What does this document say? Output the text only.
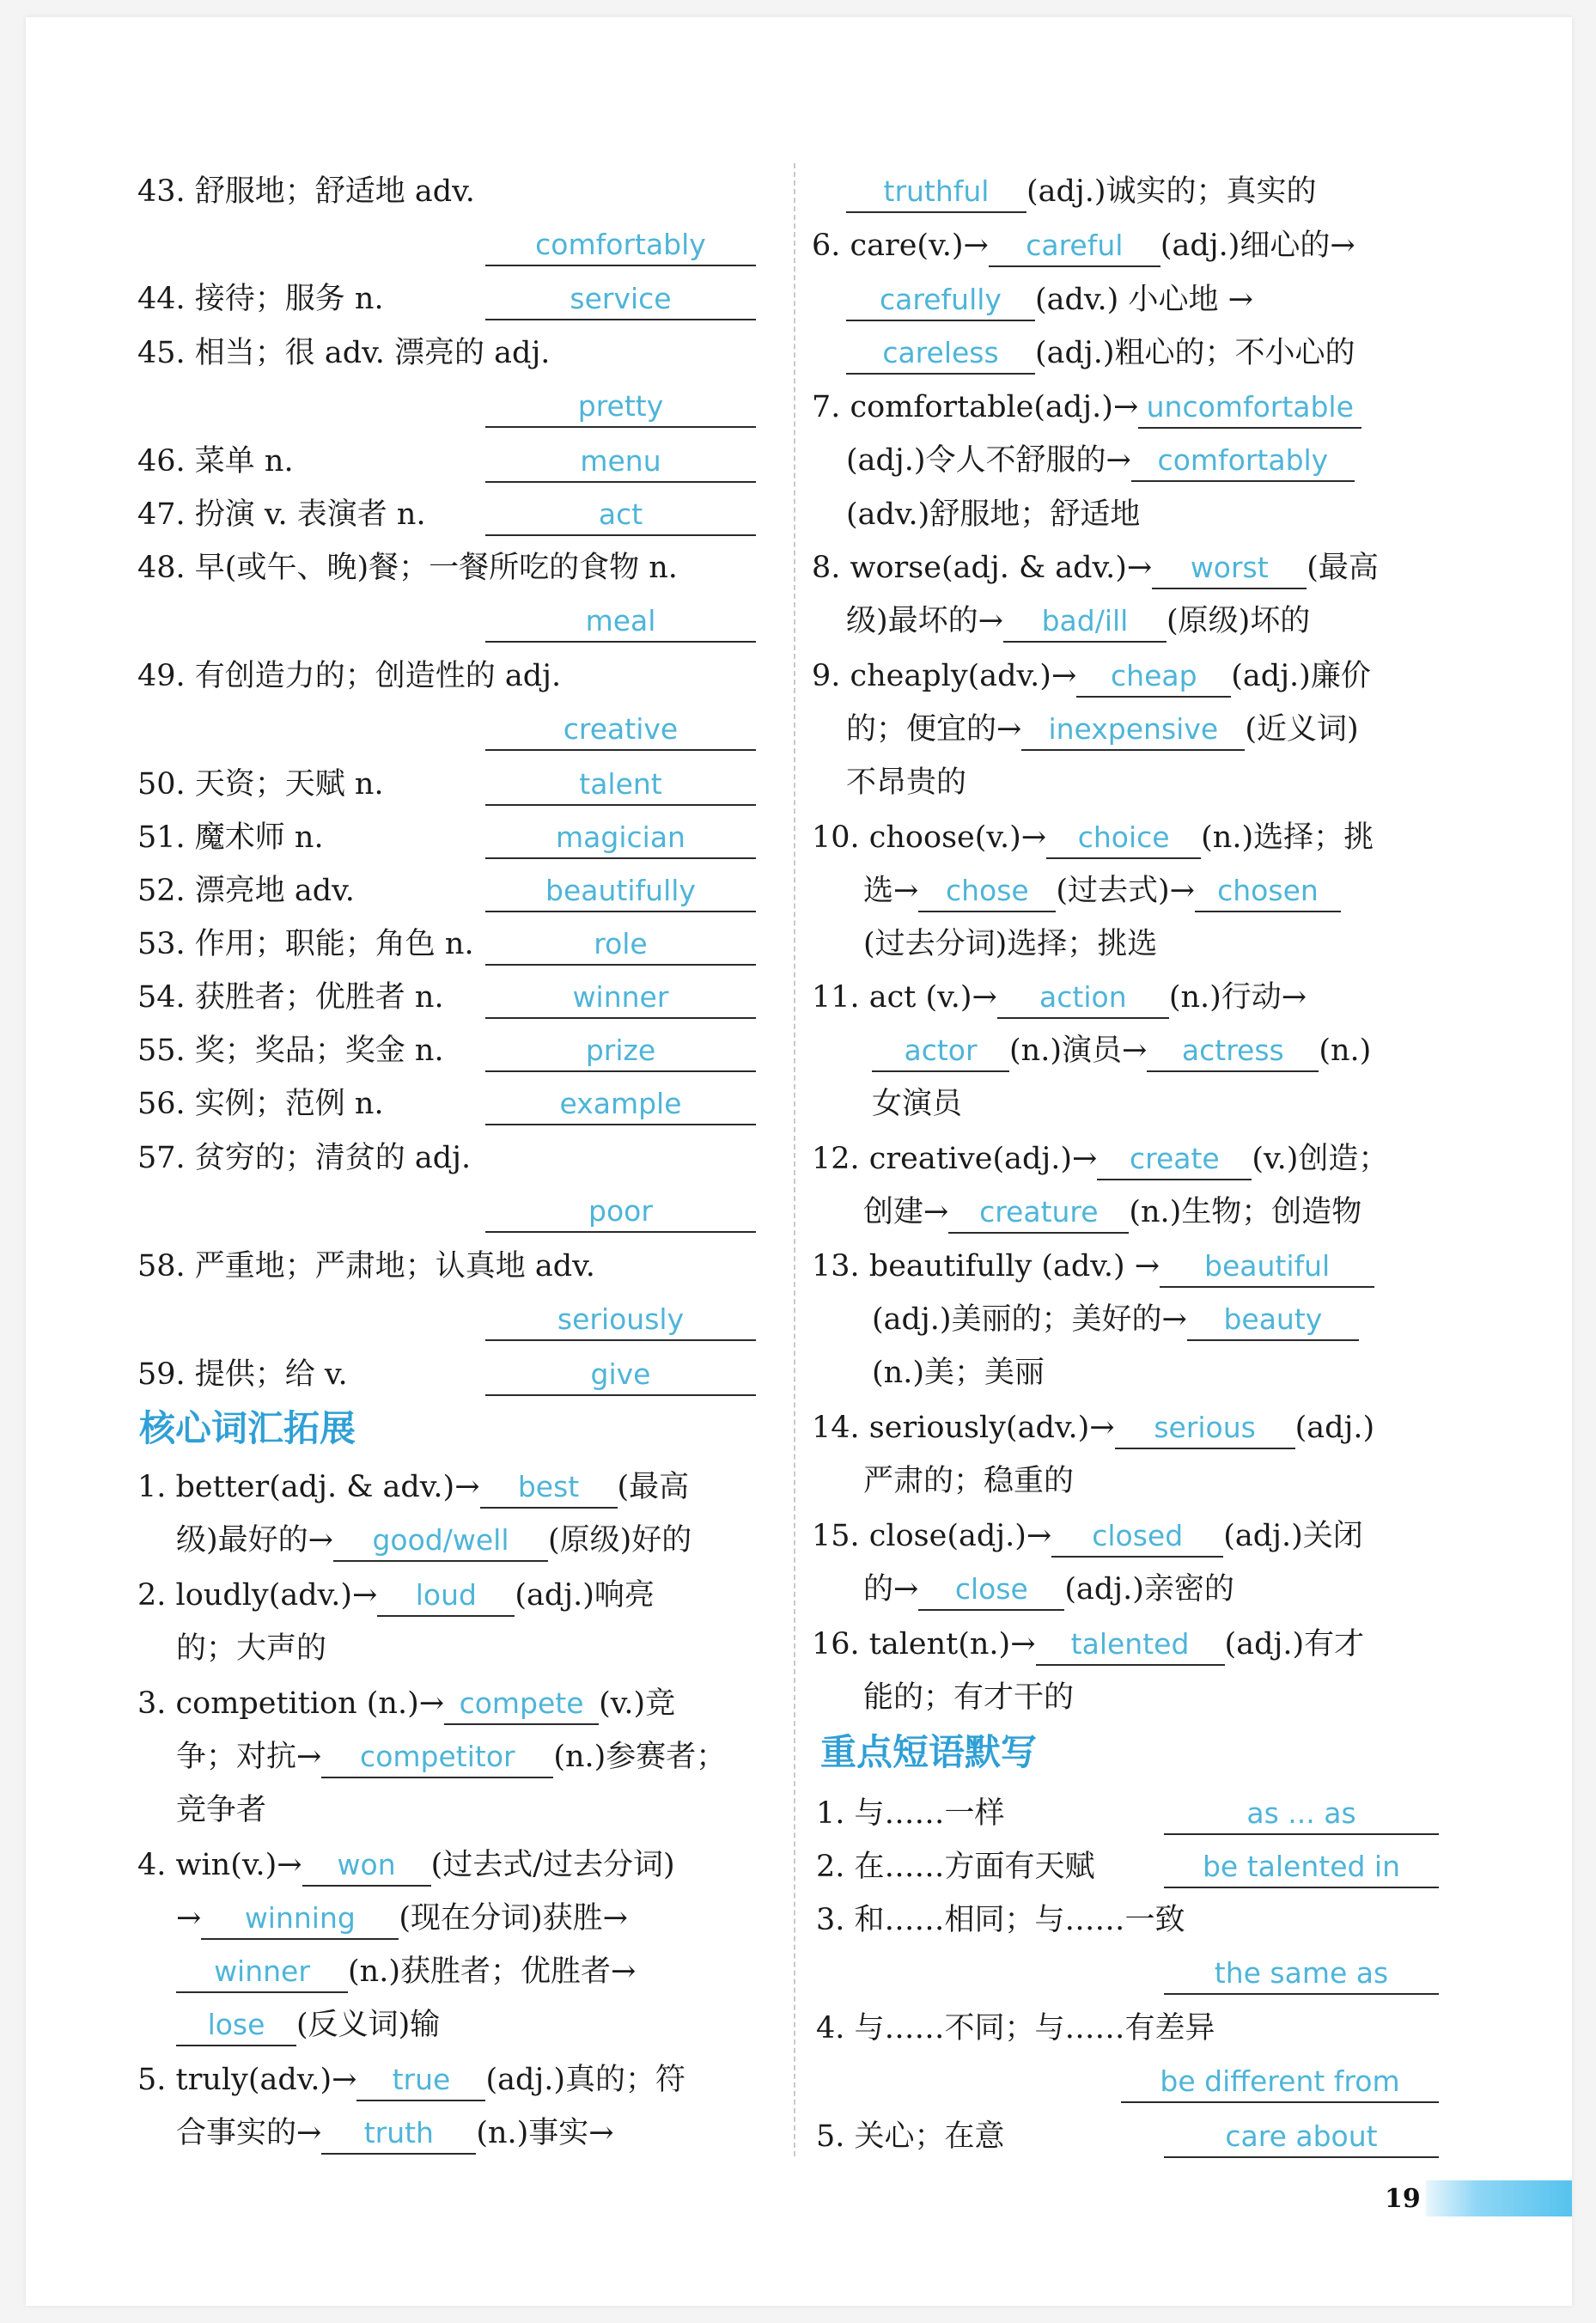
43. 舒服地；舒适地 adv.
comfortably
44. 接待；服务 n.	service
45. 相当；很 adv. 漂亮的 adj.
pretty
46. 菜单 n.	menu
47. 扮演 v. 表演者 n.	act
48. 早(或午、晚)餐；一餐所吃的食物 n.
meal
49. 有创造力的；创造性的 adj.
creative
50. 天资；天赋 n.	talent
51. 魔术师 n.	magician
52. 漂亮地 adv.	beautifully
53. 作用；职能；角色 n.	role
54. 获胜者；优胜者 n.	winner
55. 奖；奖品；奖金 n.	prize
56. 实例；范例 n.	example
57. 贫穷的；清贫的 adj.
poor
58. 严重地；严肃地；认真地 adv.
seriously
59. 提供；给 v.	give
核心词汇拓展
1. better(adj. & adv.)→ best (最高
级)最好的→ good/well (原级)好的
2. loudly(adv.)→ loud (adj.)响亮
的；大声的
3. competition (n.)→ compete (v.)竞
争；对抗→ competitor (n.)参赛者；
竞争者
4. win(v.)→ won (过去式/过去分词)
→ winning (现在分词)获胜→
winner (n.)获胜者；优胜者→
lose (反义词)输
5. truly(adv.)→ true (adj.)真的；符
合事实的→ truth (n.)事实→
truthful (adj.)诚实的；真实的
6. care(v.)→ careful (adj.)细心的→
carefully (adv.) 小心地 →
careless (adj.)粗心的；不小心的
7. comfortable(adj.)→ uncomfortable
(adj.)令人不舒服的→ comfortably
(adv.)舒服地；舒适地
8. worse(adj. & adv.)→ worst (最高
级)最坏的→ bad/ill (原级)坏的
9. cheaply(adv.)→ cheap (adj.)廉价
的；便宜的→ inexpensive (近义词)
不昂贵的
10. choose(v.)→ choice (n.)选择；挑
选→ chose (过去式)→ chosen
(过去分词)选择；挑选
11. act (v.)→ action (n.)行动→
actor (n.)演员→ actress (n.)
女演员
12. creative(adj.)→ create (v.)创造；
创建→ creature (n.)生物；创造物
13. beautifully (adv.) → beautiful
(adj.)美丽的；美好的→ beauty
(n.)美；美丽
14. seriously(adv.)→ serious (adj.)
严肃的；稳重的
15. close(adj.)→ closed (adj.)关闭
的→ close (adj.)亲密的
16. talent(n.)→ talented (adj.)有才
能的；有才干的
重点短语默写
1. 与……一样	as ... as
2. 在……方面有天赋	be talented in
3. 和……相同；与……一致
the same as
4. 与……不同；与……有差异
be different from
5. 关心；在意	care about
19
